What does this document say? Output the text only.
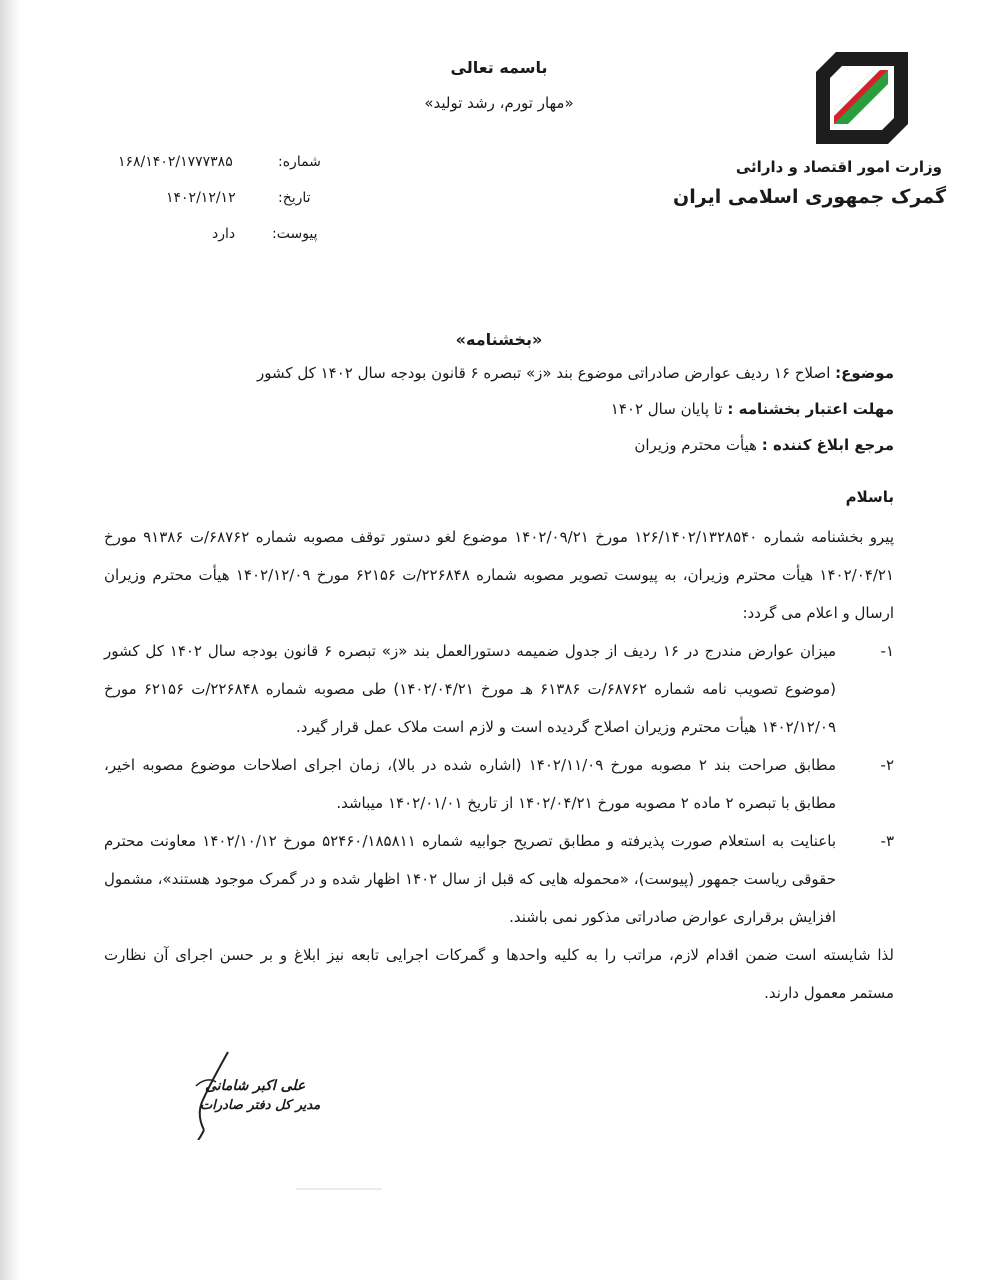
وزارت امور اقتصاد و دارائی
گمرک جمهوری اسلامی ایران
باسمه تعالی
«مهار تورم، رشد تولید»
شماره:
۱۶۸/۱۴۰۲/۱۷۷۷۳۸۵
تاریخ:
۱۴۰۲/۱۲/۱۲
پیوست:
دارد
«بخشنامه»
موضوع: اصلاح ۱۶ ردیف عوارض صادراتی موضوع بند «ز» تبصره ۶ قانون بودجه سال ۱۴۰۲ کل کشور
مهلت اعتبار بخشنامه : تا پایان سال ۱۴۰۲
مرجع ابلاغ کننده : هیأت محترم وزیران
باسلام
پیرو بخشنامه شماره ۱۲۶/۱۴۰۲/۱۳۲۸۵۴۰ مورخ ۱۴۰۲/۰۹/۲۱ موضوع لغو دستور توقف مصوبه شماره ۶۸۷۶۲/ت ۹۱۳۸۶ مورخ ۱۴۰۲/۰۴/۲۱ هیأت محترم وزیران، به پیوست تصویر مصوبه شماره ۲۲۶۸۴۸/ت ۶۲۱۵۶ مورخ ۱۴۰۲/۱۲/۰۹ هیأت محترم وزیران ارسال و اعلام می گردد:
۱-
میزان عوارض مندرج در ۱۶ ردیف از جدول ضمیمه دستورالعمل بند «ز» تبصره ۶ قانون بودجه سال ۱۴۰۲ کل کشور (موضوع تصویب نامه شماره ۶۸۷۶۲/ت ۶۱۳۸۶ هـ مورخ ۱۴۰۲/۰۴/۲۱) طی مصوبه شماره ۲۲۶۸۴۸/ت ۶۲۱۵۶ مورخ ۱۴۰۲/۱۲/۰۹ هیأت محترم وزیران اصلاح گردیده است و لازم است ملاک عمل قرار گیرد.
۲-
مطابق صراحت بند ۲ مصوبه مورخ ۱۴۰۲/۱۱/۰۹ (اشاره شده در بالا)، زمان اجرای اصلاحات موضوع مصوبه اخیر، مطابق با تبصره ۲ ماده ۲ مصوبه مورخ ۱۴۰۲/۰۴/۲۱ از تاریخ ۱۴۰۲/۰۱/۰۱ میباشد.
۳-
باعنایت به استعلام صورت پذیرفته و مطابق تصریح جوابیه شماره ۵۲۴۶۰/۱۸۵۸۱۱ مورخ ۱۴۰۲/۱۰/۱۲ معاونت محترم حقوقی ریاست جمهور (پیوست)، «محموله هایی که قبل از سال ۱۴۰۲ اظهار شده و در گمرک موجود هستند»، مشمول افزایش برقراری عوارض صادراتی مذکور نمی باشند.
لذا شایسته است ضمن اقدام لازم، مراتب را به کلیه واحدها و گمرکات اجرایی تابعه نیز ابلاغ و بر حسن اجرای آن نظارت مستمر معمول دارند.
علی اکبر شامانی
مدیر کل دفتر صادرات
